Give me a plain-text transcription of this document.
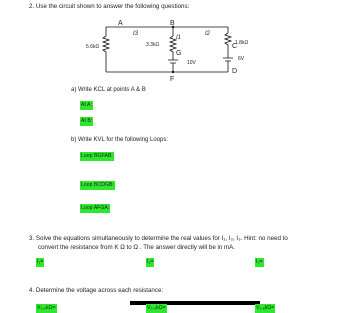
2. Use the circuit shown to answer the following questions:
A	B
C
D
F
G
I3
I1
I2
5.6kΩ	3.3kΩ	1.8kΩ
10V
6V
a) Write KCL at points A & B
At A:
At B:
b) Write KVL for the following Loops:
Loop BGFAB:
Loop BCDGB:
Loop AFGA:
3. Solve the equations simultaneously to determine the real values for I₁, I₂, I₃. Hint: no need to
convert the resistance from K Ω to Ω . The answer directly will be in mA.
I₁=	I₂=	I₃=
4. Determine the voltage across each resistance:
V₅.₆kΩ=	V₃.₃kΩ=	V₁.₈kΩ=
